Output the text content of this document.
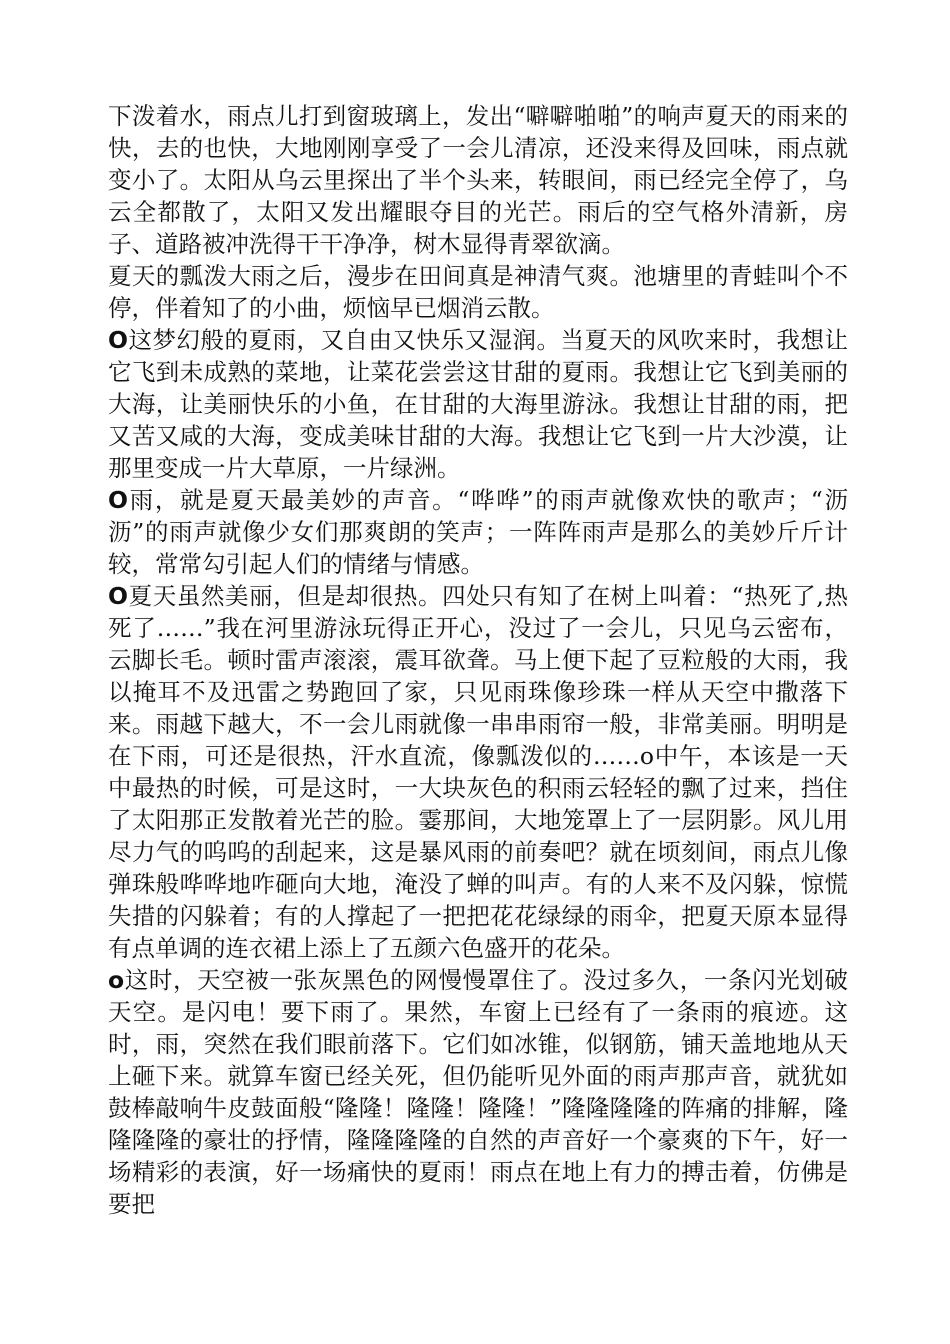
下泼着水，雨点儿打到窗玻璃上，发出“噼噼啪啪”的响声夏天的雨来的快，去的也快，大地刚刚享受了一会儿清凉，还没来得及回味，雨点就变小了。太阳从乌云里探出了半个头来，转眼间，雨已经完全停了，乌云全都散了，太阳又发出耀眼夺目的光芒。雨后的空气格外清新，房子、道路被冲洗得干干净净，树木显得青翠欲滴。

夏天的瓢泼大雨之后，漫步在田间真是神清气爽。池塘里的青蛙叫个不停，伴着知了的小曲，烦恼早已烟消云散。

O这梦幻般的夏雨，又自由又快乐又湿润。当夏天的风吹来时，我想让它飞到未成熟的菜地，让菜花尝尝这甘甜的夏雨。我想让它飞到美丽的大海，让美丽快乐的小鱼，在甘甜的大海里游泳。我想让甘甜的雨，把又苦又咸的大海，变成美味甘甜的大海。我想让它飞到一片大沙漠，让那里变成一片大草原，一片绿洲。

O雨，就是夏天最美妙的声音。“哗哗”的雨声就像欢快的歌声；“沥沥”的雨声就像少女们那爽朗的笑声；一阵阵雨声是那么的美妙斤斤计较，常常勾引起人们的情绪与情感。

O夏天虽然美丽，但是却很热。四处只有知了在树上叫着：“热死了,热死了……”我在河里游泳玩得正开心，没过了一会儿，只见乌云密布，云脚长毛。顿时雷声滚滚，震耳欲聋。马上便下起了豆粒般的大雨，我以掩耳不及迅雷之势跑回了家，只见雨珠像珍珠一样从天空中撒落下来。雨越下越大，不一会儿雨就像一串串雨帘一般，非常美丽。明明是在下雨，可还是很热，汗水直流，像瓢泼似的……o中午，本该是一天中最热的时候，可是这时，一大块灰色的积雨云轻轻的飘了过来，挡住了太阳那正发散着光芒的脸。霎那间，大地笼罩上了一层阴影。风儿用尽力气的呜呜的刮起来，这是暴风雨的前奏吧？就在顷刻间，雨点儿像弹珠般哗哗地咋砸向大地，淹没了蝉的叫声。有的人来不及闪躲，惊慌失措的闪躲着；有的人撑起了一把把花花绿绿的雨伞，把夏天原本显得有点单调的连衣裙上添上了五颜六色盛开的花朵。

o这时，天空被一张灰黑色的网慢慢罩住了。没过多久，一条闪光划破天空。是闪电！要下雨了。果然，车窗上已经有了一条雨的痕迹。这时，雨，突然在我们眼前落下。它们如冰锥，似钢筋，铺天盖地地从天上砸下来。就算车窗已经关死，但仍能听见外面的雨声那声音，就犹如鼓棒敲响牛皮鼓面般“隆隆！隆隆！隆隆！”隆隆隆隆的阵痛的排解，隆隆隆隆的豪壮的抒情，隆隆隆隆的自然的声音好一个豪爽的下午，好一场精彩的表演，好一场痛快的夏雨！雨点在地上有力的搏击着，仿佛是要把
